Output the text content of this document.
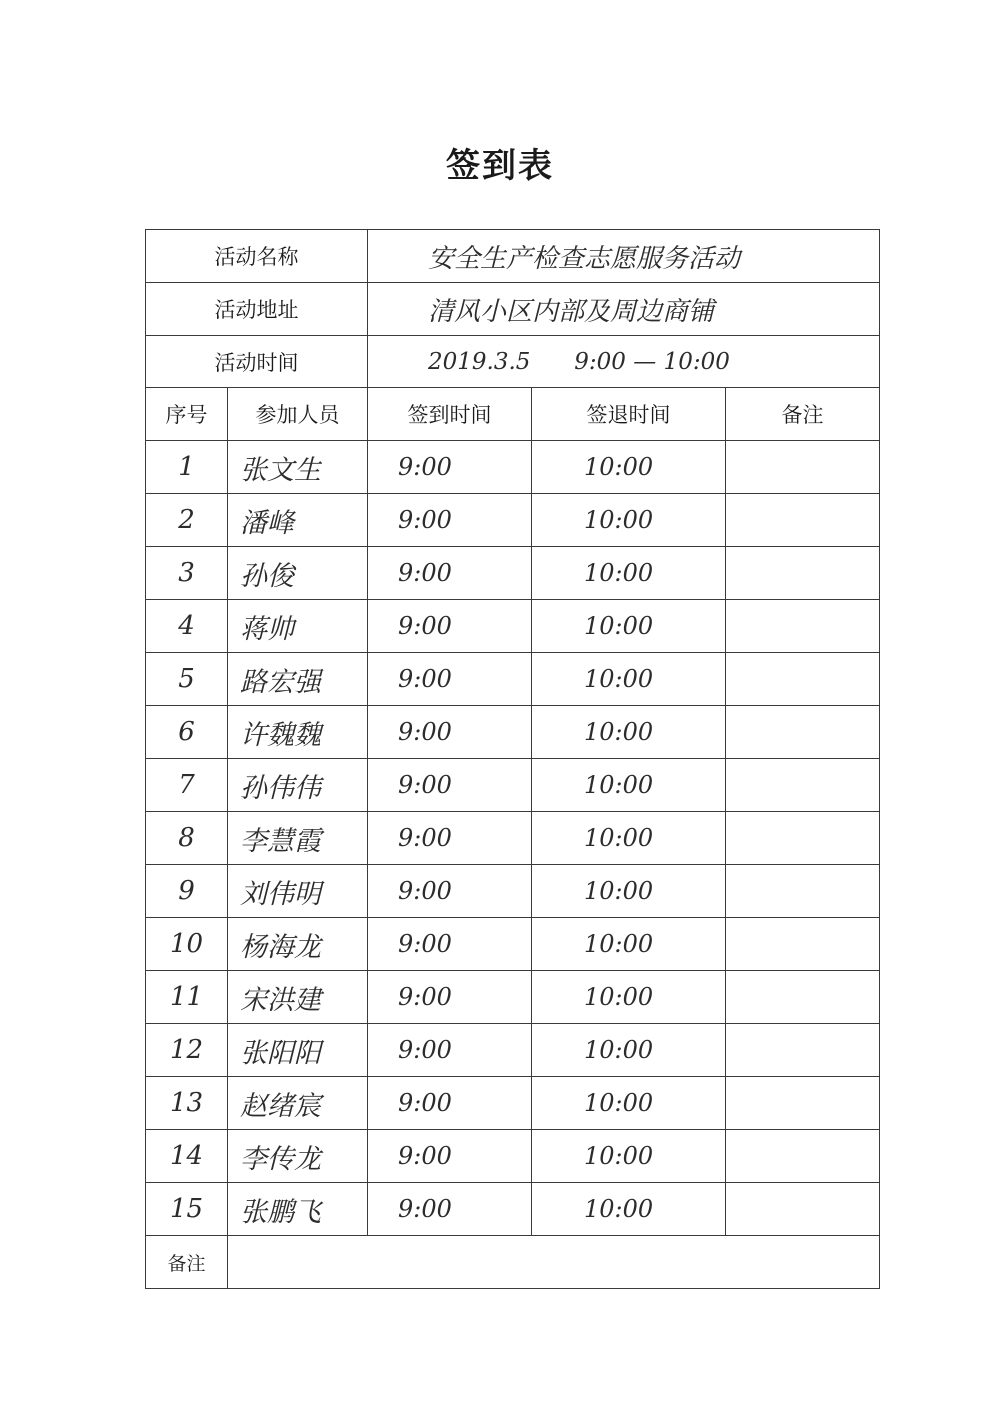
签到表
活动名称		安全生产检查志愿服务活动		
活动地址		清风小区内部及周边商铺		
活动时间		2019.3.5      9:00 — 10:00		
序号	参加人员	签到时间	签退时间	备注
1	张文生	9:00	10:00	
2	潘峰	9:00	10:00	
3	孙俊	9:00	10:00	
4	蒋帅	9:00	10:00	
5	路宏强	9:00	10:00	
6	许魏魏	9:00	10:00	
7	孙伟伟	9:00	10:00	
8	李慧霞	9:00	10:00	
9	刘伟明	9:00	10:00	
10	杨海龙	9:00	10:00	
11	宋洪建	9:00	10:00	
12	张阳阳	9:00	10:00	
13	赵绪宸	9:00	10:00	
14	李传龙	9:00	10:00	
15	张鹏飞	9:00	10:00	
备注				
